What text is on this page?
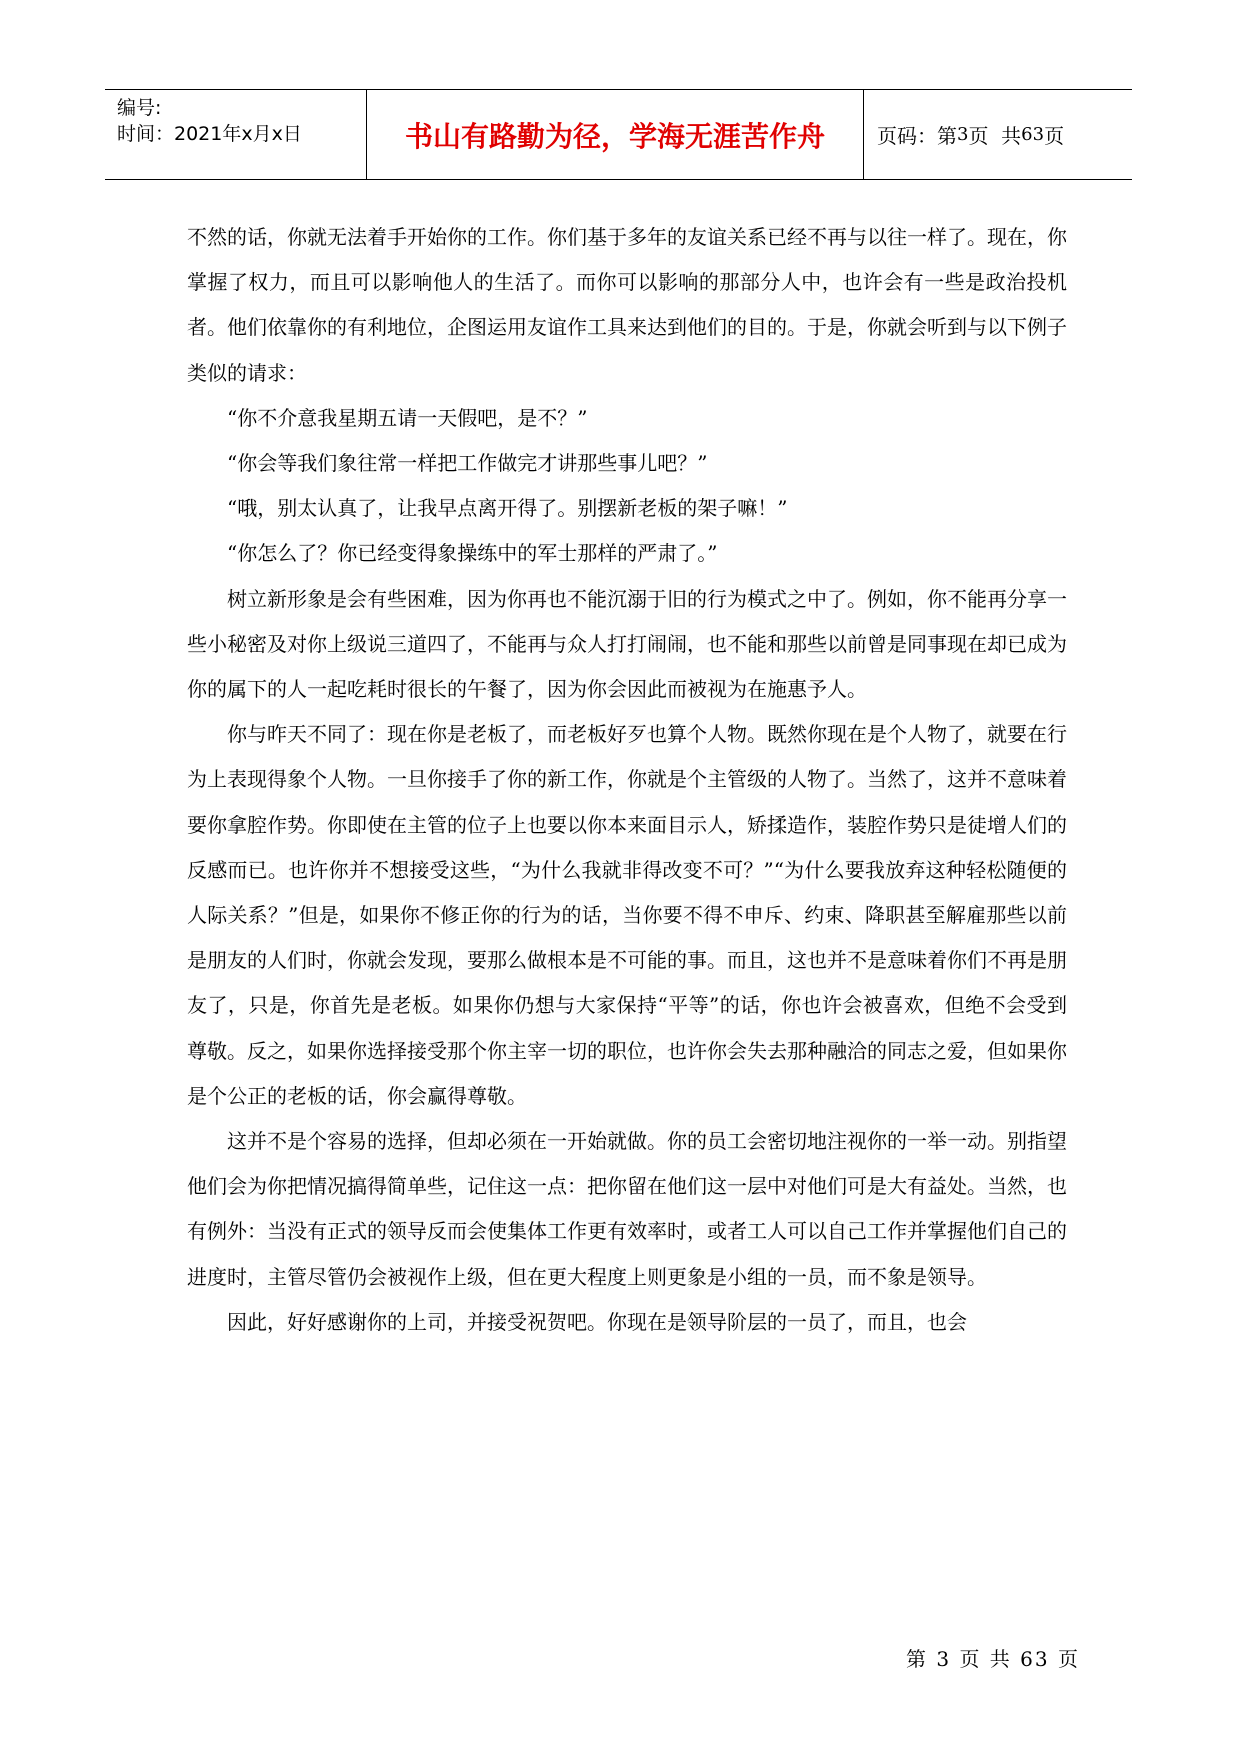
编号:
时间：2021年x月x日	书山有路勤为径，学海无涯苦作舟	页码：第 3 页  共 63 页

不然的话，你就无法着手开始你的工作。你们基于多年的友谊关系已经不再与以往一样了。现在，你掌握了权力，而且可以影响他人的生活了。而你可以影响的那部分人中，也许会有一些是政治投机者。他们依靠你的有利地位，企图运用友谊作工具来达到他们的目的。于是，你就会听到与以下例子类似的请求：

“你不介意我星期五请一天假吧，是不？”

“你会等我们象往常一样把工作做完才讲那些事儿吧？”

“哦，别太认真了，让我早点离开得了。别摆新老板的架子嘛！”

“你怎么了？你已经变得象操练中的军士那样的严肃了。”

树立新形象是会有些困难，因为你再也不能沉溺于旧的行为模式之中了。例如，你不能再分享一些小秘密及对你上级说三道四了，不能再与众人打打闹闹，也不能和那些以前曾是同事现在却已成为你的属下的人一起吃耗时很长的午餐了，因为你会因此而被视为在施惠予人。

你与昨天不同了：现在你是老板了，而老板好歹也算个人物。既然你现在是个人物了，就要在行为上表现得象个人物。一旦你接手了你的新工作，你就是个主管级的人物了。当然了，这并不意味着要你拿腔作势。你即使在主管的位子上也要以你本来面目示人，矫揉造作，装腔作势只是徒增人们的反感而已。也许你并不想接受这些，“为什么我就非得改变不可？”“为什么要我放弃这种轻松随便的人际关系？”但是，如果你不修正你的行为的话，当你要不得不申斥、约束、降职甚至解雇那些以前是朋友的人们时，你就会发现，要那么做根本是不可能的事。而且，这也并不是意味着你们不再是朋友了，只是，你首先是老板。如果你仍想与大家保持“平等”的话，你也许会被喜欢，但绝不会受到尊敬。反之，如果你选择接受那个你主宰一切的职位，也许你会失去那种融洽的同志之爱，但如果你是个公正的老板的话，你会赢得尊敬。

这并不是个容易的选择，但却必须在一开始就做。你的员工会密切地注视你的一举一动。别指望他们会为你把情况搞得简单些，记住这一点：把你留在他们这一层中对他们可是大有益处。当然，也有例外：当没有正式的领导反而会使集体工作更有效率时，或者工人可以自己工作并掌握他们自己的进度时，主管尽管仍会被视作上级，但在更大程度上则更象是小组的一员，而不象是领导。

因此，好好感谢你的上司，并接受祝贺吧。你现在是领导阶层的一员了，而且，也会

第 3 页 共 63 页
